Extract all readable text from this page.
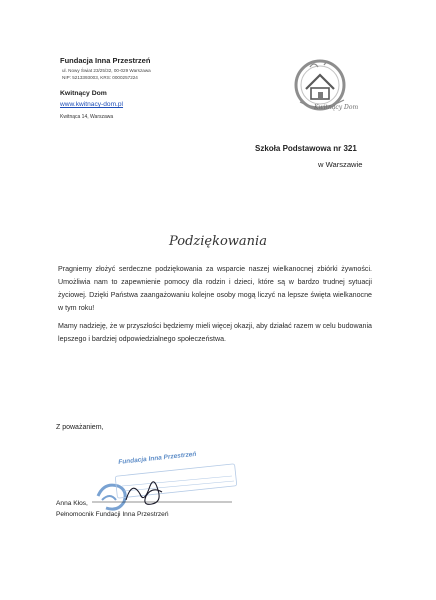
Fundacja Inna Przestrzeń
ul. Nowy Świat 23/25/32, 00-029 Warszawa
NIP: 5213393003, KRS: 0000257224
Kwitnący Dom
www.kwitnacy-dom.pl
Kwitnąca 14, Warszawa
Kwitnący Dom
Szkoła Podstawowa nr 321
w Warszawie
Podziękowania
Pragniemy złożyć serdeczne podziękowania za wsparcie naszej wielkanocnej zbiórki żywności. Umożliwia nam to zapewnienie pomocy dla rodzin i dzieci, które są w bardzo trudnej sytuacji życiowej. Dzięki Państwa zaangażowaniu kolejne osoby mogą liczyć na lepsze święta wielkanocne w tym roku!
Mamy nadzieję, że w przyszłości będziemy mieli więcej okazji, aby działać razem w celu budowania lepszego i bardziej odpowiedzialnego społeczeństwa.
Z poważaniem,
Fundacja Inna Przestrzeń
Anna Kłos,
Pełnomocnik Fundacji Inna Przestrzeń
